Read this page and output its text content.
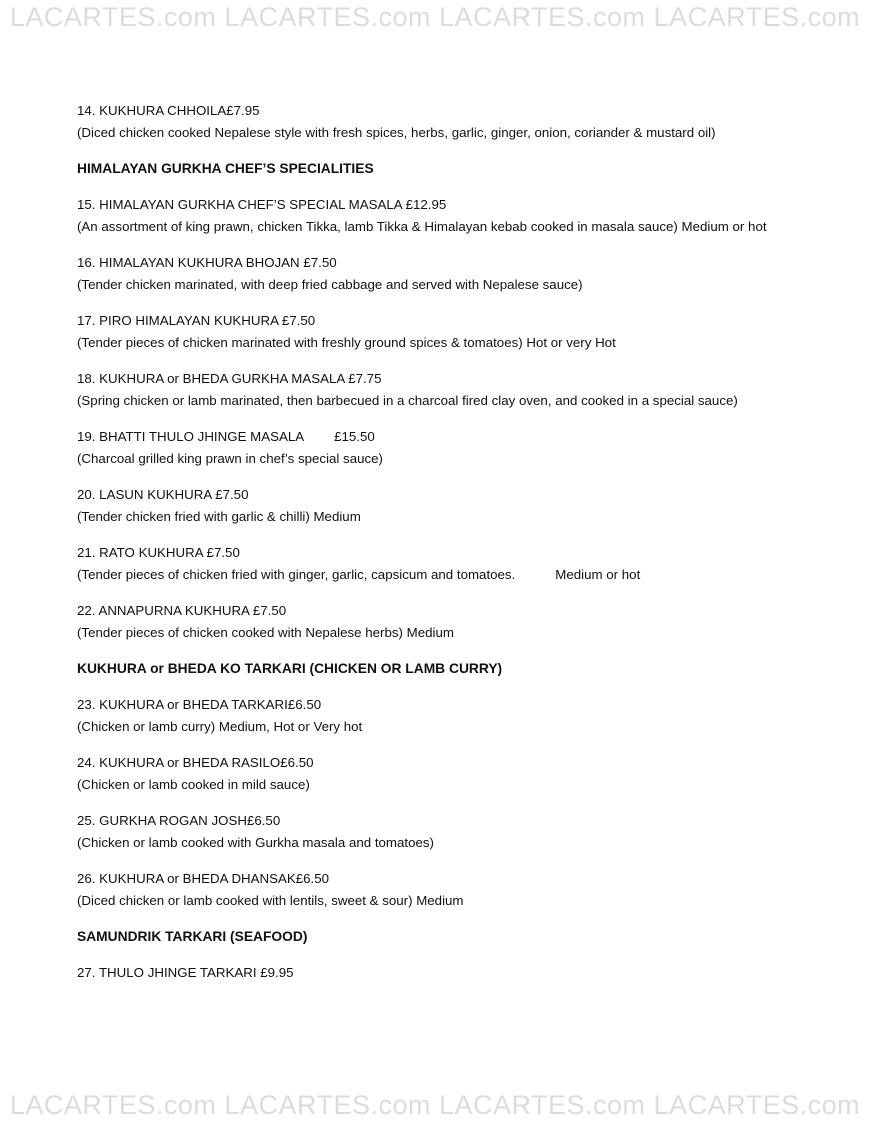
LACARTES.com LACARTES.com LACARTES.com LACARTES.com

14. KUKHURA CHHOILA£7.95

(Diced chicken cooked Nepalese style with fresh spices, herbs, garlic, ginger, onion, coriander & mustard oil)

HIMALAYAN GURKHA CHEF’S SPECIALITIES

15. HIMALAYAN GURKHA CHEF’S SPECIAL MASALA £12.95

(An assortment of king prawn, chicken Tikka, lamb Tikka & Himalayan kebab cooked in masala sauce) Medium or hot

16. HIMALAYAN KUKHURA BHOJAN £7.50

(Tender chicken marinated, with deep fried cabbage and served with Nepalese sauce)

17. PIRO HIMALAYAN KUKHURA £7.50

(Tender pieces of chicken marinated with freshly ground spices & tomatoes) Hot or very Hot

18. KUKHURA or BHEDA GURKHA MASALA £7.75

(Spring chicken or lamb marinated, then barbecued in a charcoal fired clay oven, and cooked in a special sauce)

19. BHATTI THULO JHINGE MASALA £15.50

(Charcoal grilled king prawn in chef’s special sauce)

20. LASUN KUKHURA £7.50

(Tender chicken fried with garlic & chilli) Medium

21. RATO KUKHURA £7.50

(Tender pieces of chicken fried with ginger, garlic, capsicum and tomatoes.	Medium or hot

22. ANNAPURNA KUKHURA £7.50

(Tender pieces of chicken cooked with Nepalese herbs) Medium

KUKHURA or BHEDA KO TARKARI (CHICKEN OR LAMB CURRY)

23. KUKHURA or BHEDA TARKARI£6.50

(Chicken or lamb curry) Medium, Hot or Very hot

24. KUKHURA or BHEDA RASILO£6.50

(Chicken or lamb cooked in mild sauce)

25. GURKHA ROGAN JOSH£6.50

(Chicken or lamb cooked with Gurkha masala and tomatoes)

26. KUKHURA or BHEDA DHANSAK£6.50

(Diced chicken or lamb cooked with lentils, sweet & sour) Medium

SAMUNDRIK TARKARI (SEAFOOD)

27. THULO JHINGE TARKARI £9.95

LACARTES.com LACARTES.com LACARTES.com LACARTES.com
